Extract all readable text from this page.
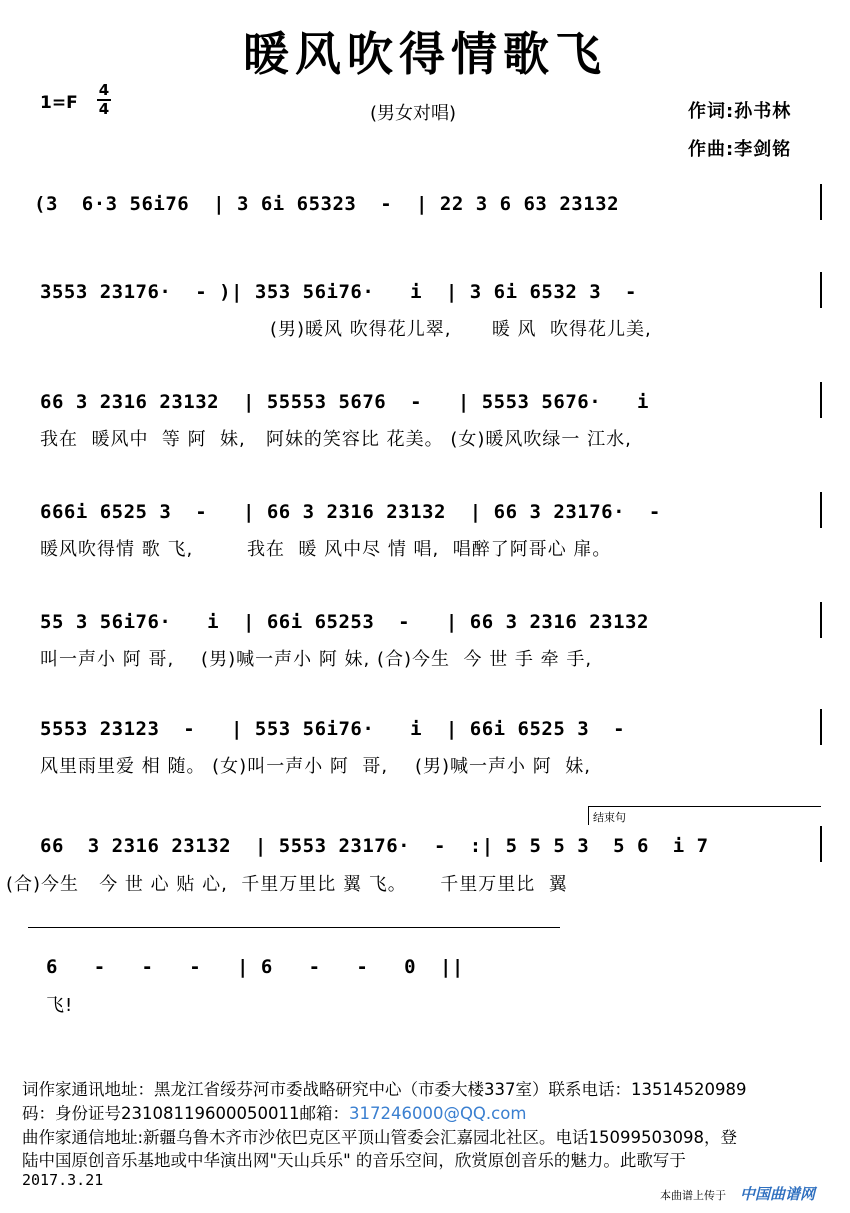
暖风吹得情歌飞
1=F
4
4	(男女对唱)	作词:孙书林
作曲:李剑铭
(3  6·3 56i76  | 3 6i 65323  -  | 22 3 6 63 23132
3553 23176·  - )| 353 56i76·   i  | 3 6i 6532 3  -
(男)暖风 吹得花儿翠,      暖 风  吹得花儿美,
66 3 2316 23132  | 55553 5676  -   | 5553 5676·   i
我在  暖风中  等 阿  妹,   阿妹的笑容比 花美。 (女)暖风吹绿一 江水,
666i 6525 3  -   | 66 3 2316 23132  | 66 3 23176·  -
暖风吹得情 歌 飞,        我在  暖 风中尽 情 唱,  唱醉了阿哥心 扉。
55 3 56i76·   i  | 66i 65253  -   | 66 3 2316 23132
叫一声小 阿 哥,    (男)喊一声小 阿 妹, (合)今生  今 世 手 牵 手,
5553 23123  -   | 553 56i76·   i  | 66i 6525 3  -
风里雨里爱 相 随。 (女)叫一声小 阿  哥,    (男)喊一声小 阿  妹,
结束句
66  3 2316 23132  | 5553 23176·  -  :| 5 5 5 3  5 6  i 7
(合)今生   今 世 心 贴 心,  千里万里比 翼 飞。     千里万里比  翼
6   -   -   -   | 6   -   -   0  ||
飞!
词作家通讯地址：黑龙江省绥芬河市委战略研究中心（市委大楼337室）联系电话：13514520989
码：身份证号231081196000500​11邮箱：317246000@QQ.com
曲作家通信地址:新疆乌鲁木齐市沙依巴克区平顶山管委会汇嘉园北社区。电话15099503098，登
陆中国原创音乐基地或中华演出网"天山兵乐" 的音乐空间，欣赏原创音乐的魅力。此歌写于
2017.3.21
本曲谱上传于 中国曲谱网
